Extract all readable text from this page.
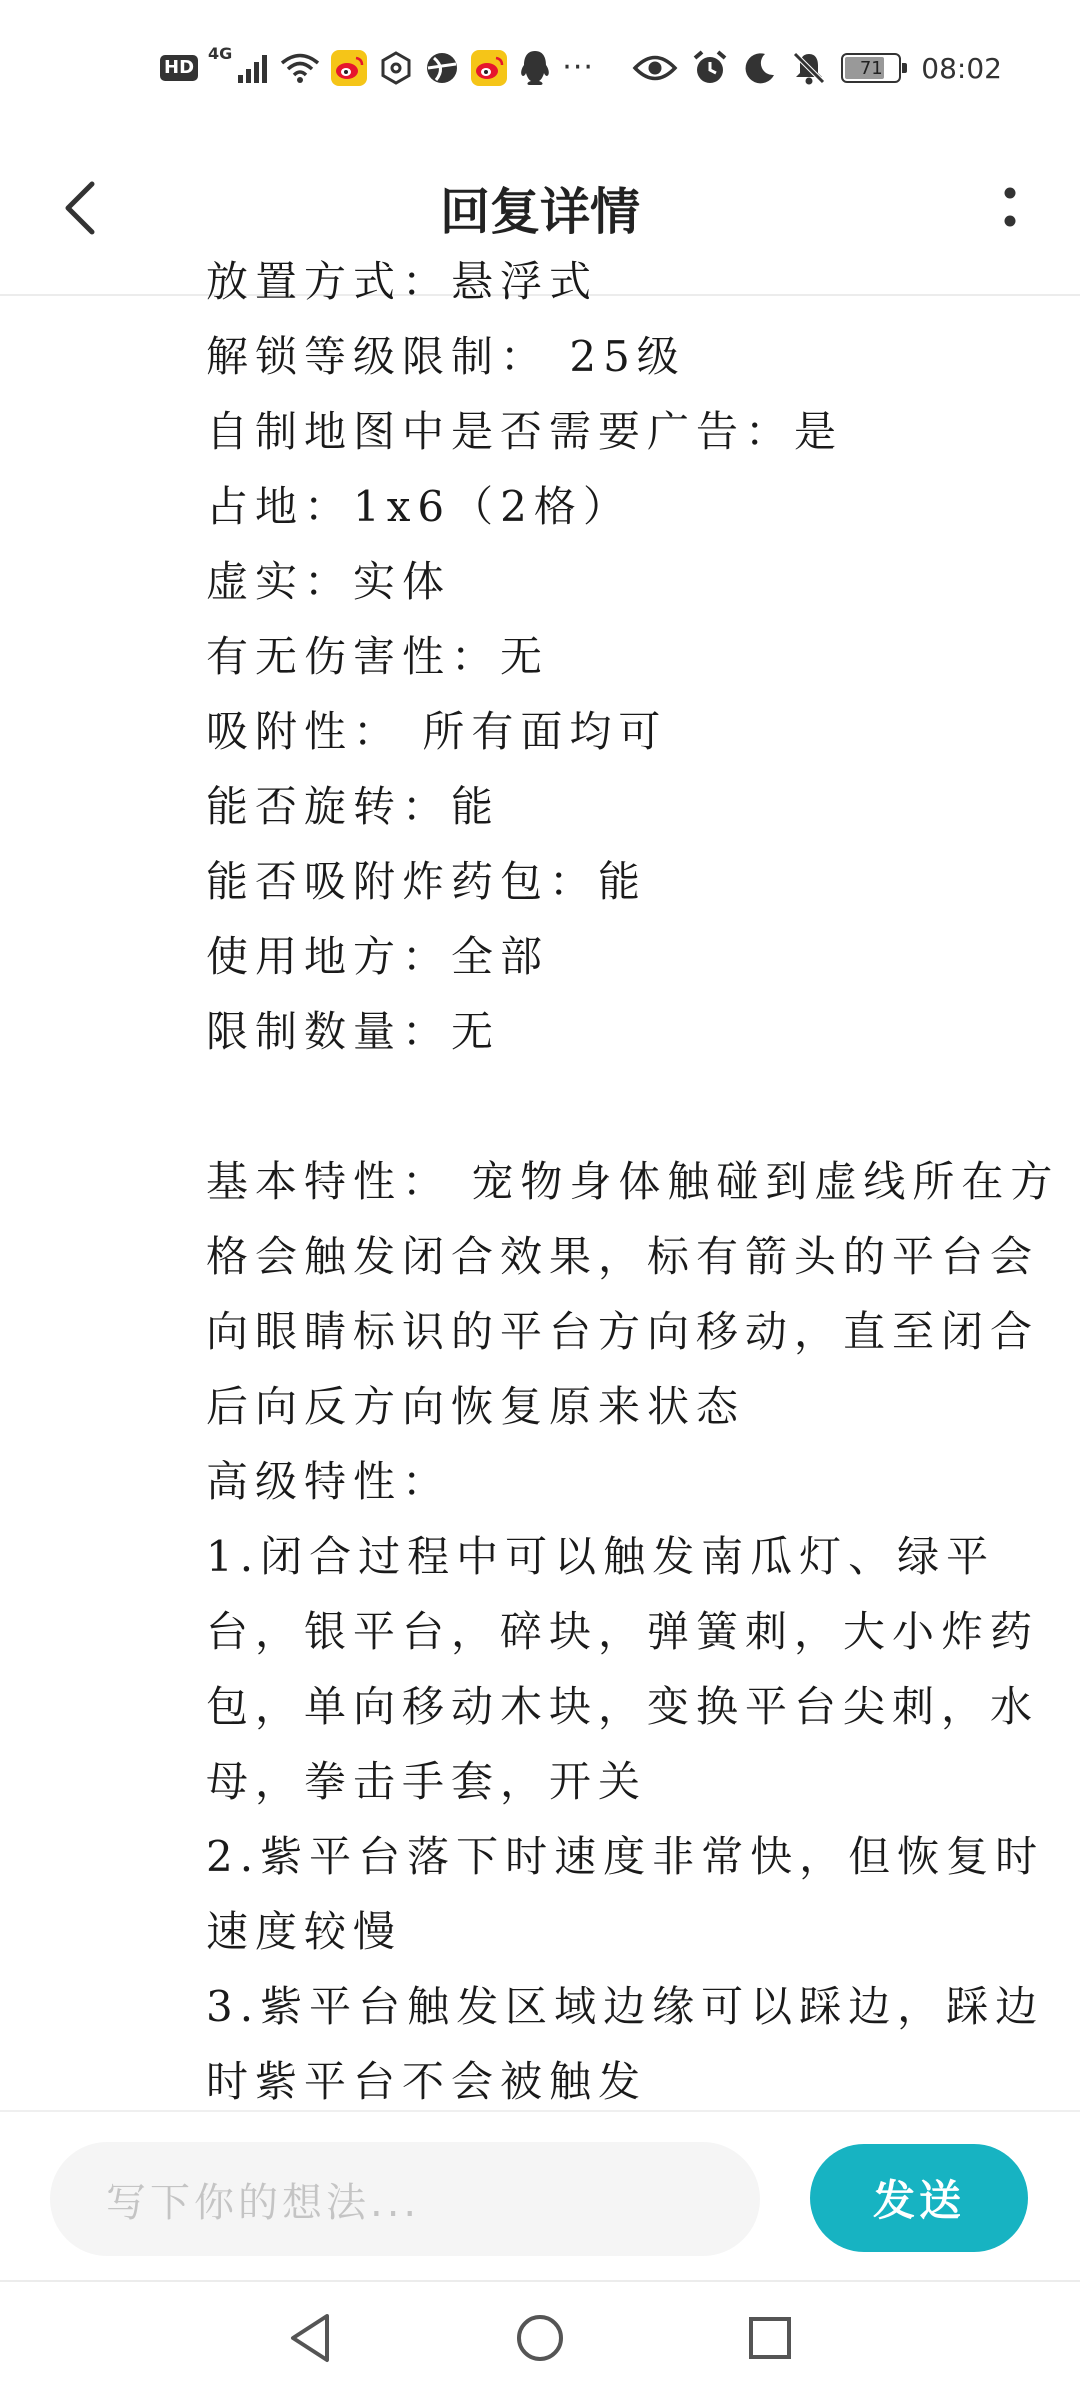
HD
4G	···	71 08:02
回复详情
放置方式：悬浮式
解锁等级限制： 25级
自制地图中是否需要广告：是
占地：1x6（2格）
虚实：实体
有无伤害性：无
吸附性： 所有面均可
能否旋转：能
能否吸附炸药包：能
使用地方：全部
限制数量：无
基本特性： 宠物身体触碰到虚线所在方
格会触发闭合效果，标有箭头的平台会
向眼睛标识的平台方向移动，直至闭合
后向反方向恢复原来状态
高级特性：
1.闭合过程中可以触发南瓜灯、绿平
台，银平台，碎块，弹簧刺，大小炸药
包，单向移动木块，变换平台尖刺，水
母，拳击手套，开关
2.紫平台落下时速度非常快，但恢复时
速度较慢
3.紫平台触发区域边缘可以踩边，踩边
时紫平台不会被触发
写下你的想法...	发送
